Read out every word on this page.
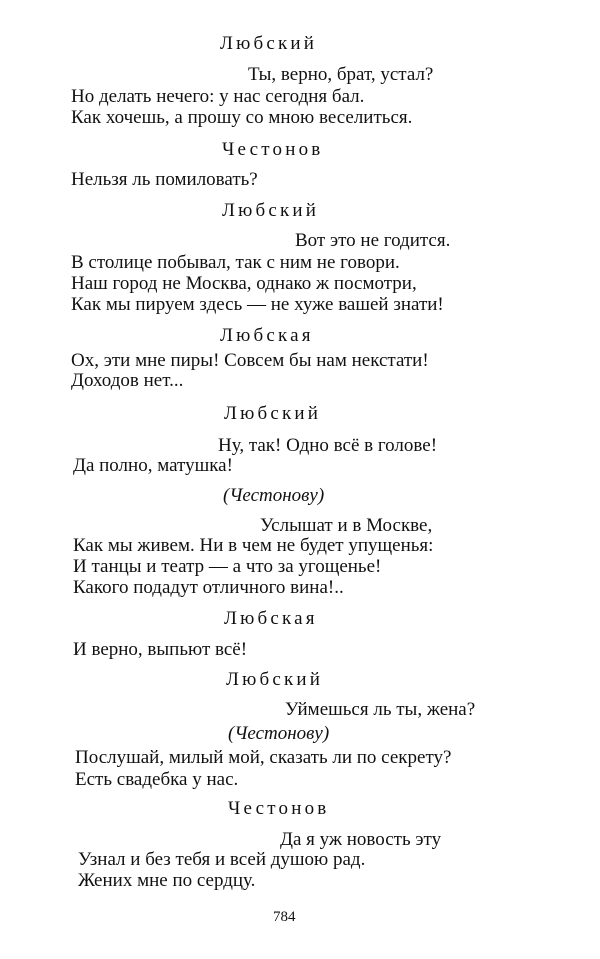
Любский
Ты, верно, брат, устал?
Но делать нечего: у нас сегодня бал.
Как хочешь, а прошу со мною веселиться.
Честонов
Нельзя ль помиловать?
Любский
Вот это не годится.
В столице побывал, так с ним не говори.
Наш город не Москва, однако ж посмотри,
Как мы пируем здесь — не хуже вашей знати!
Любская
Ох, эти мне пиры! Совсем бы нам некстати!
Доходов нет...
Любский
Ну, так! Одно всё в голове!
Да полно, матушка!
(Честонову)
Услышат и в Москве,
Как мы живем. Ни в чем не будет упущенья:
И танцы и театр — а что за угощенье!
Какого подадут отличного вина!..
Любская
И верно, выпьют всё!
Любский
Уймешься ль ты, жена?
(Честонову)
Послушай, милый мой, сказать ли по секрету?
Есть свадебка у нас.
Честонов
Да я уж новость эту
Узнал и без тебя и всей душою рад.
Жених мне по сердцу.
784
